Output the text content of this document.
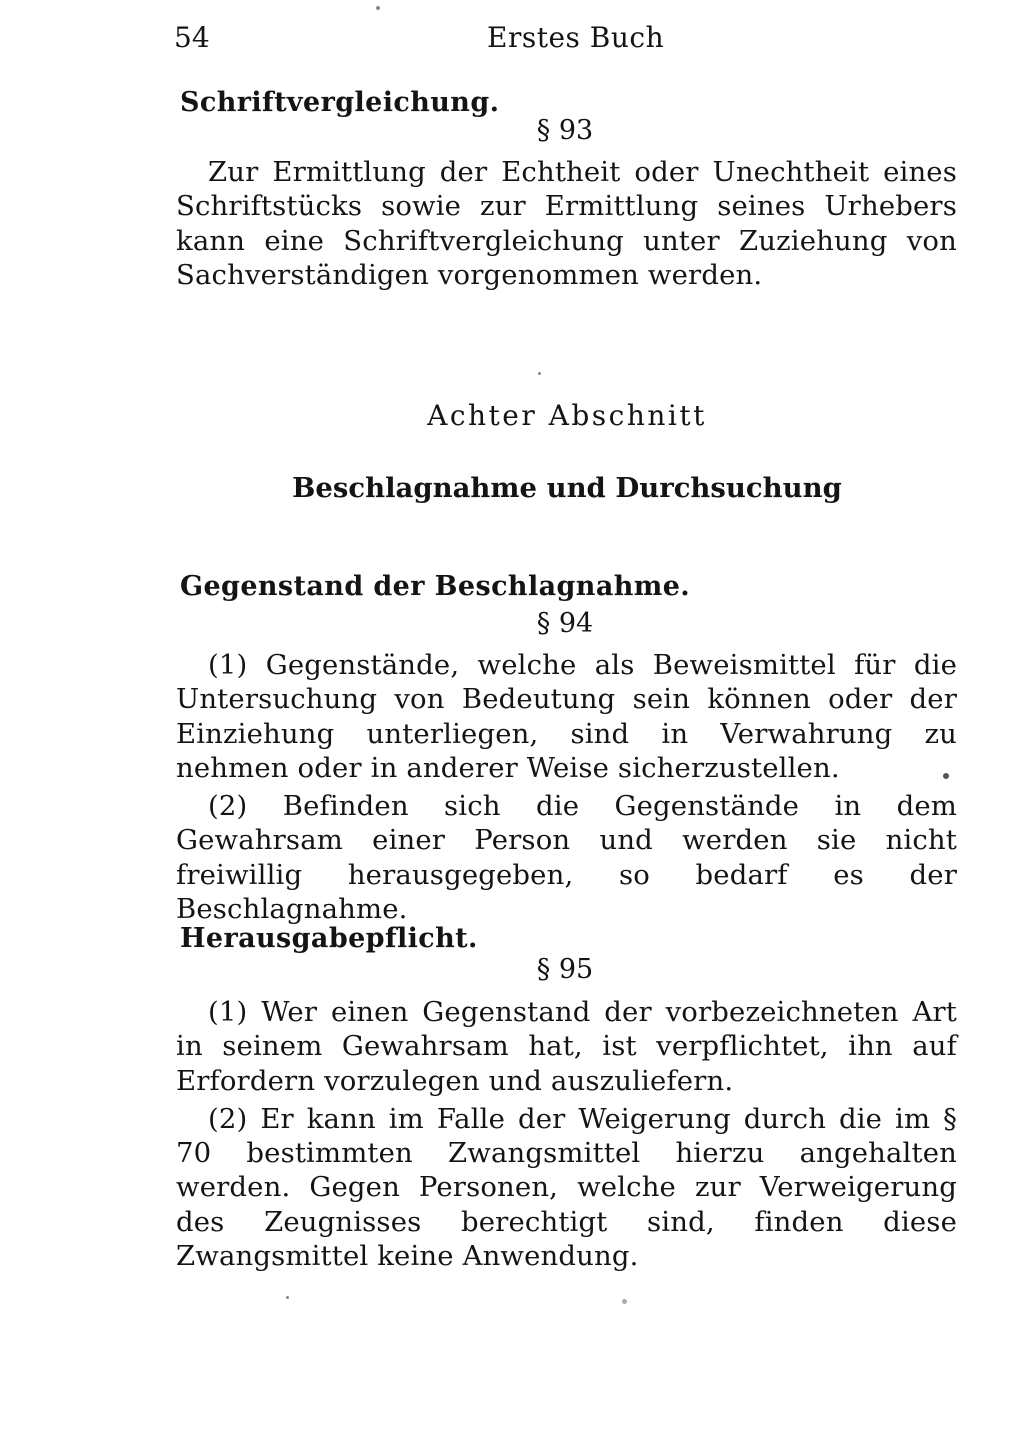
54	Erstes Buch
Schriftvergleichung.
§ 93

Zur Ermittlung der Echtheit oder Unechtheit eines Schriftstücks sowie zur Ermittlung seines Urhebers kann eine Schriftvergleichung unter Zuziehung von Sachverständigen vorgenommen werden.

Achter Abschnitt
Beschlagnahme und Durchsuchung
Gegenstand der Beschlagnahme.
§ 94

(1) Gegenstände, welche als Beweismittel für die Untersuchung von Bedeutung sein können oder der Einziehung unterliegen, sind in Verwahrung zu nehmen oder in anderer Weise sicherzustellen.

(2) Befinden sich die Gegenstände in dem Gewahrsam einer Person und werden sie nicht freiwillig herausgegeben, so bedarf es der Beschlagnahme.

Herausgabepflicht.
§ 95

(1) Wer einen Gegenstand der vorbezeichneten Art in seinem Gewahrsam hat, ist verpflichtet, ihn auf Erfordern vorzulegen und auszuliefern.

(2) Er kann im Falle der Weigerung durch die im § 70 bestimmten Zwangsmittel hierzu angehalten werden. Gegen Personen, welche zur Verweigerung des Zeugnisses berechtigt sind, finden diese Zwangsmittel keine Anwendung.
